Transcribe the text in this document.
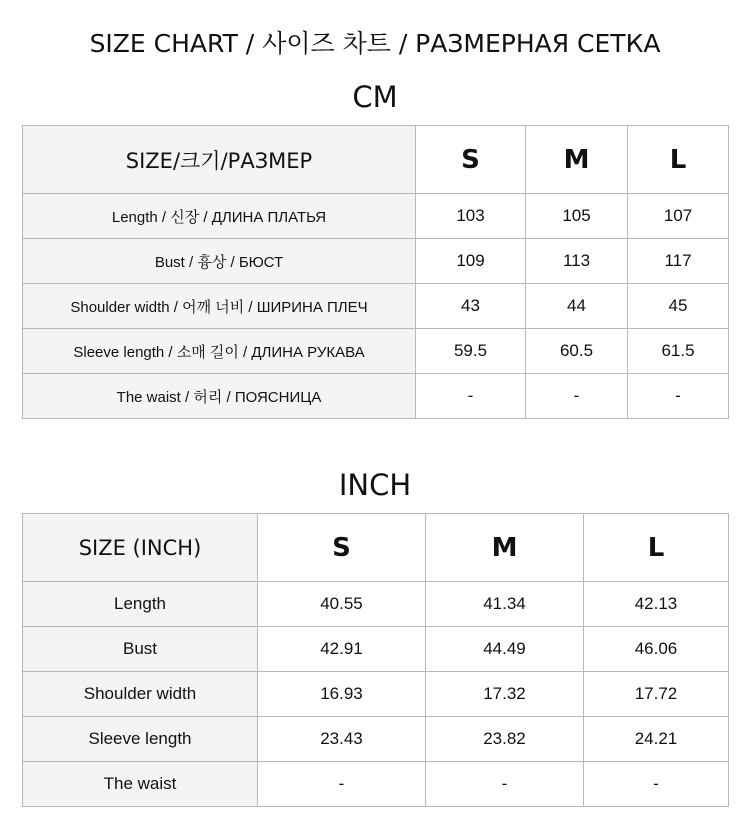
SIZE CHART / 사이즈 차트 / РАЗМЕРНАЯ СЕТКА
CM
SIZE/크기/РАЗМЕР	S	M	L
Length / 신장 / ДЛИНА ПЛАТЬЯ	103	105	107
Bust / 흉상 / БЮСТ	109	113	117
Shoulder width / 어깨 너비 / ШИРИНА ПЛЕЧ	43	44	45
Sleeve length / 소매 길이 / ДЛИНА РУКАВА	59.5	60.5	61.5
The waist / 허리 / ПОЯСНИЦА	-	-	-
INCH
SIZE (INCH)	S	M	L
Length	40.55	41.34	42.13
Bust	42.91	44.49	46.06
Shoulder width	16.93	17.32	17.72
Sleeve length	23.43	23.82	24.21
The waist	-	-	-
